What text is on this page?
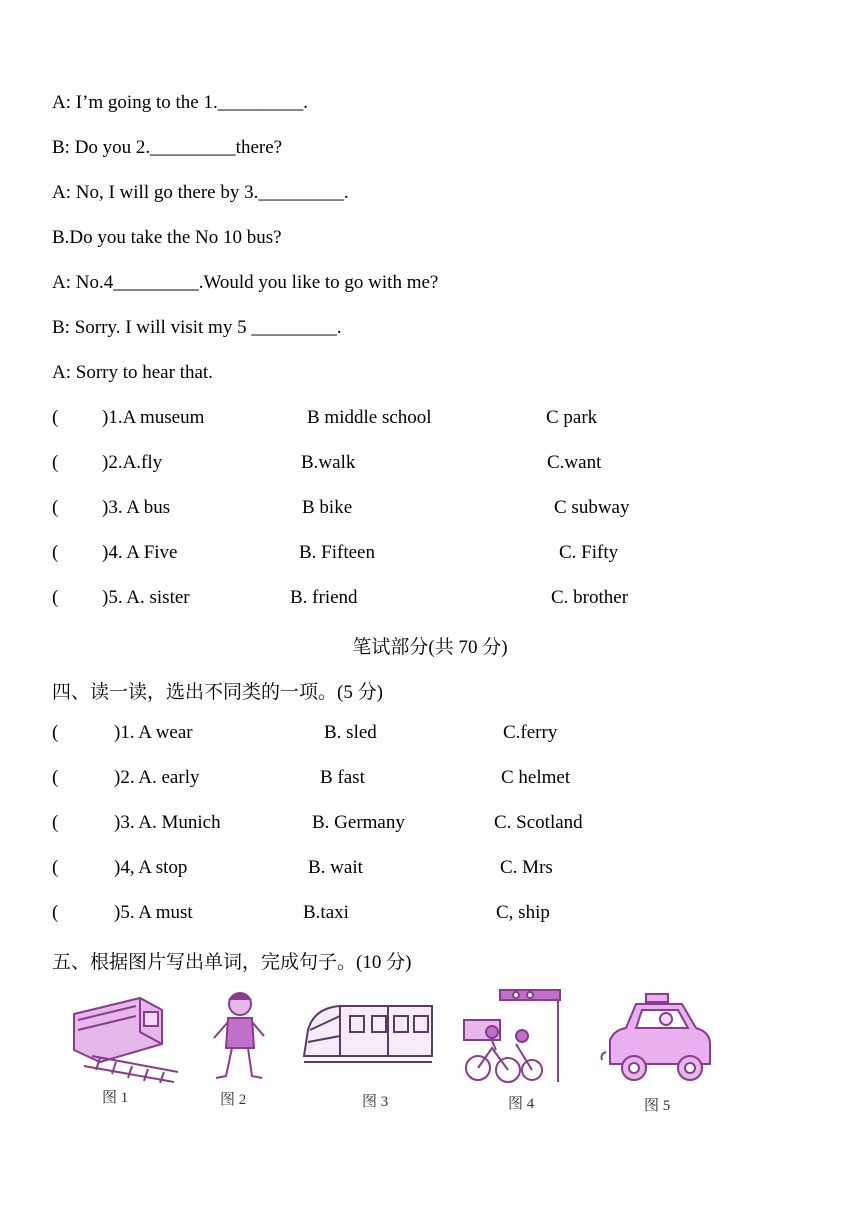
A: I’m going to the 1._________.
B: Do you 2._________there?
A: No, I will go there by 3._________.
B.Do you take the No 10 bus?
A: No.4_________.Would you like to go with me?
B: Sorry. I will visit my 5 _________.
A: Sorry to hear that.
( )1.A museum	B middle school	C park
( )2.A.fly	B.walk	C.want
( )3. A bus	B bike	C subway
( )4. A Five	B. Fifteen	C. Fifty
( )5. A. sister	B. friend	C. brother
笔试部分(共 70 分)
四、读一读，选出不同类的一项。(5 分)
(	)1. A wear	B. sled	C.ferry
(	)2. A. early	B fast	C helmet
(	)3. A. Munich	B. Germany	C. Scotland
(	)4, A stop	B. wait	C. Mrs
(	)5. A must	B.taxi	C, ship
五、根据图片写出单词，完成句子。(10 分)
图 1	图 2	图 3	图 4	图 5
